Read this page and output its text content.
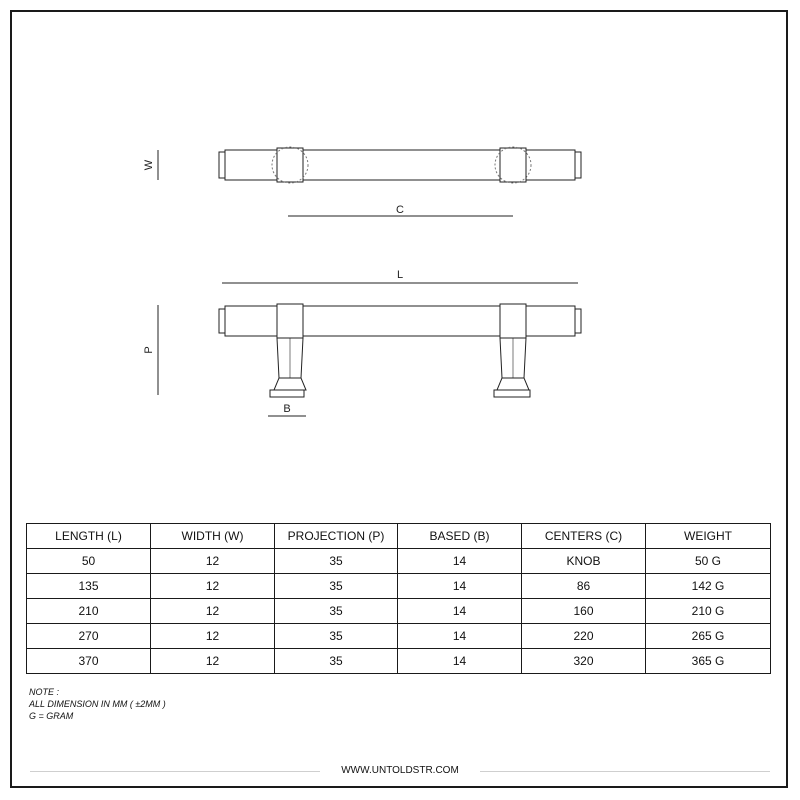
W
C
L
P
B
LENGTH (L)	WIDTH (W)	PROJECTION (P)	BASED (B)	CENTERS (C)	WEIGHT
50	12	35	14	KNOB	50 G
135	12	35	14	86	142 G
210	12	35	14	160	210 G
270	12	35	14	220	265 G
370	12	35	14	320	365 G
NOTE :
ALL DIMENSION IN MM ( ±2MM )
G = GRAM
WWW.UNTOLDSTR.COM
